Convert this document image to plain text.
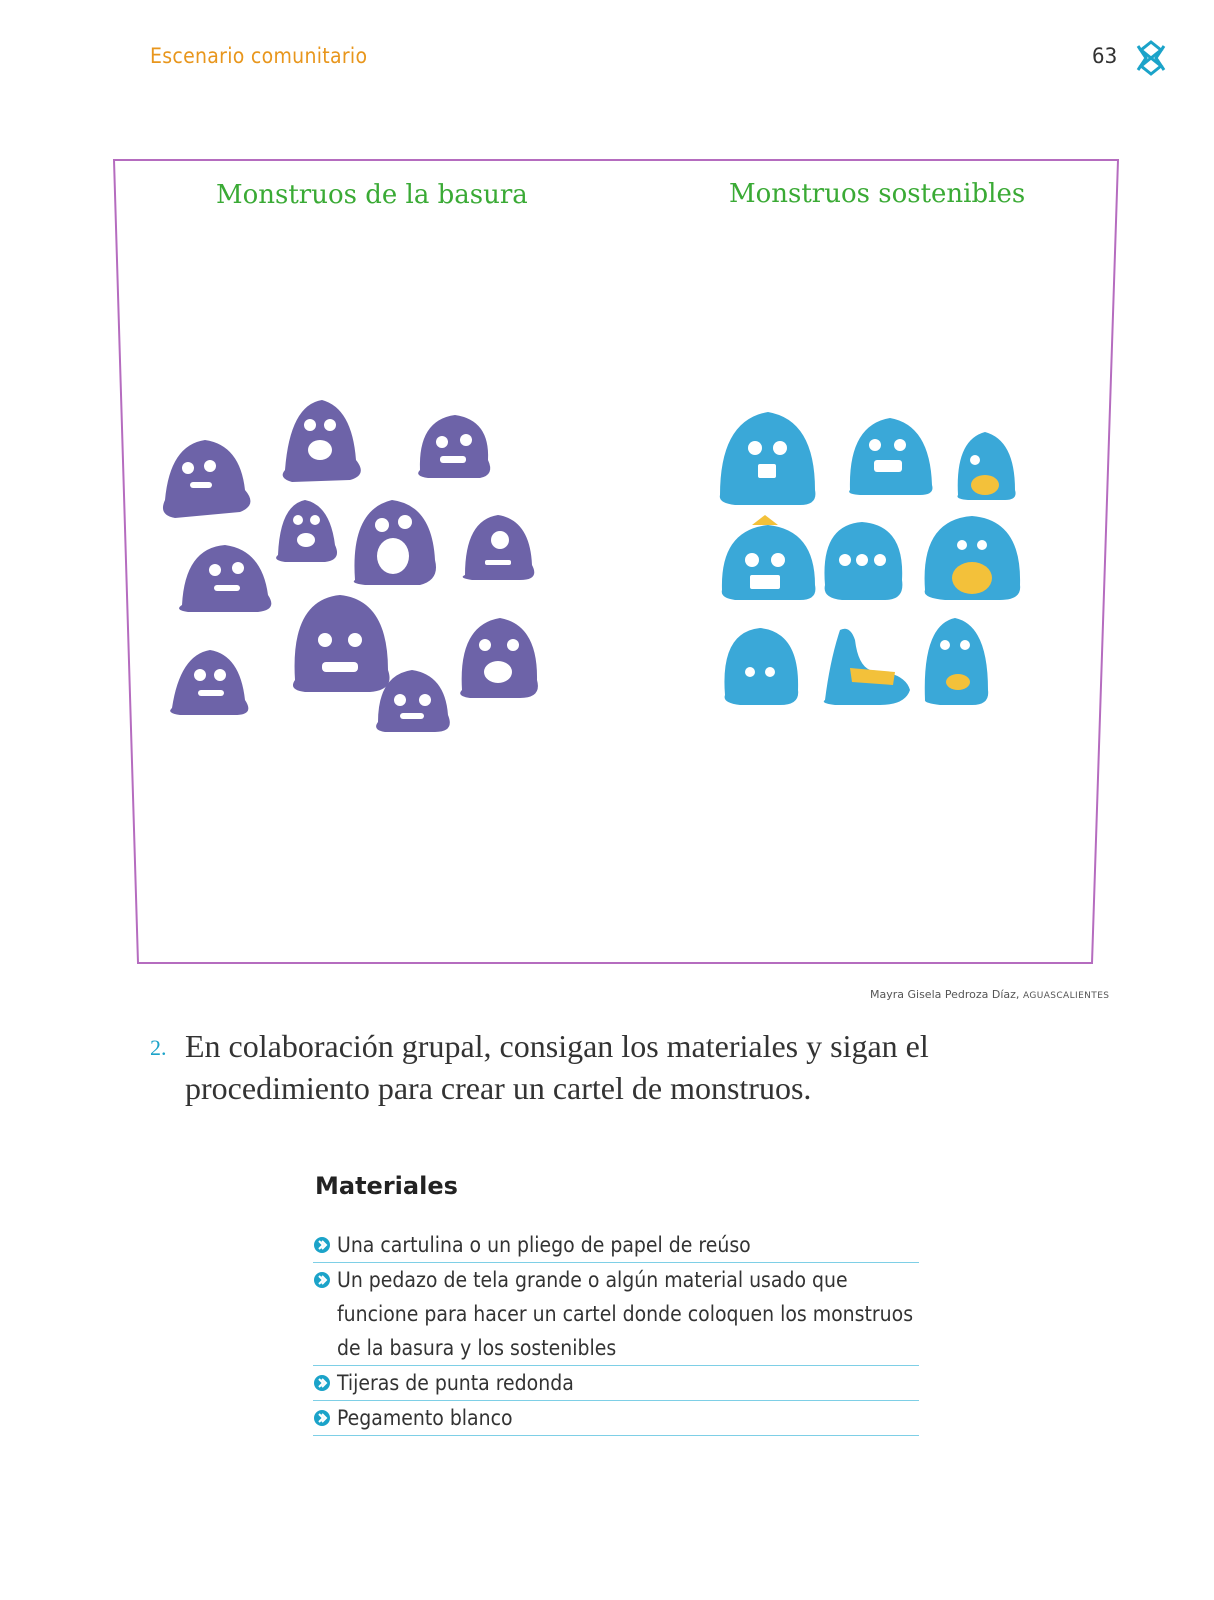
Escenario comunitario	63
Monstruos de la basura	Monstruos sostenibles
Mayra Gisela Pedroza Díaz, AGUASCALIENTES
2. En colaboración grupal, consigan los materiales y sigan el procedimiento para crear un cartel de monstruos.
Materiales
Una cartulina o un pliego de papel de reúso
Un pedazo de tela grande o algún material usado que funcione para hacer un cartel donde coloquen los monstruos de la basura y los sostenibles
Tijeras de punta redonda
Pegamento blanco
